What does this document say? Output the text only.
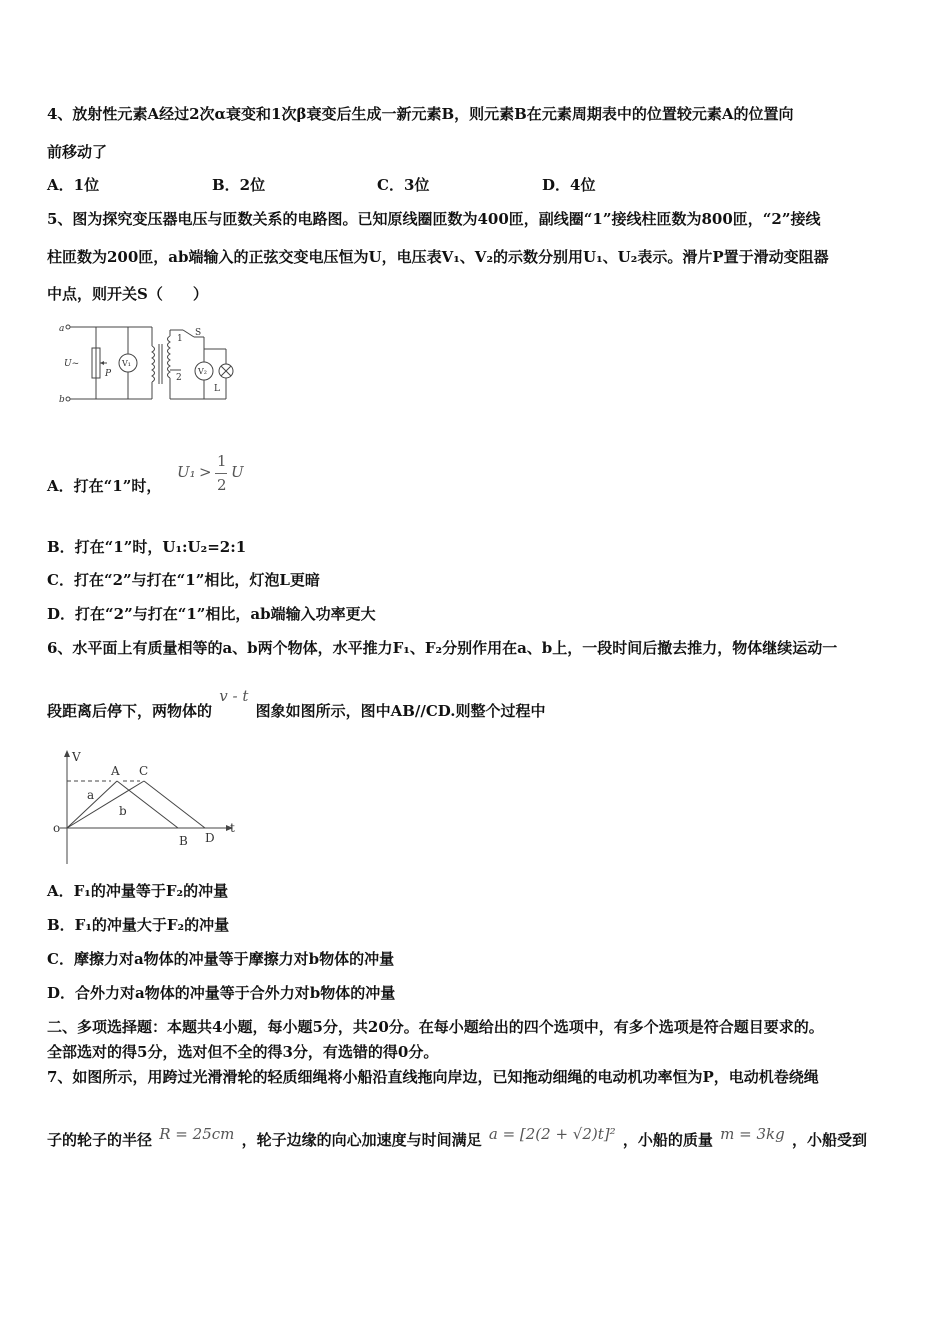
4、放射性元素A经过2次α衰变和1次β衰变后生成一新元素B，则元素B在元素周期表中的位置较元素A的位置向
前移动了
A．1位	B．2位	C．3位	D．4位
5、图为探究变压器电压与匝数关系的电路图。已知原线圈匝数为400匝，副线圈“1”接线柱匝数为800匝，“2”接线
柱匝数为200匝，ab端输入的正弦交变电压恒为U，电压表V₁、V₂的示数分别用U₁、U₂表示。滑片P置于滑动变阻器
中点，则开关S（　　）
a
b
U~
P
V₁
S
1
2
V₂
L
A．打在“1”时，
U₁ >
1
2
U
B．打在“1”时，U₁:U₂=2:1
C．打在“2”与打在“1”相比，灯泡L更暗
D．打在“2”与打在“1”相比，ab端输入功率更大
6、水平面上有质量相等的a、b两个物体，水平推力F₁、F₂分别作用在a、b上，一段时间后撤去推力，物体继续运动一
段距离后停下，两物体的 v - t 图象如图所示，图中AB//CD.则整个过程中
V
t
o
A C
B D
a
b
A．F₁的冲量等于F₂的冲量
B．F₁的冲量大于F₂的冲量
C．摩擦力对a物体的冲量等于摩擦力对b物体的冲量
D．合外力对a物体的冲量等于合外力对b物体的冲量
二、多项选择题：本题共4小题，每小题5分，共20分。在每小题给出的四个选项中，有多个选项是符合题目要求的。
全部选对的得5分，选对但不全的得3分，有选错的得0分。
7、如图所示，用跨过光滑滑轮的轻质细绳将小船沿直线拖向岸边，已知拖动细绳的电动机功率恒为P，电动机卷绕绳
子的轮子的半径 R = 25cm ，轮子边缘的向心加速度与时间满足 a = [2(2 + √2)t]² ，小船的质量 m = 3kg ，小船受到
